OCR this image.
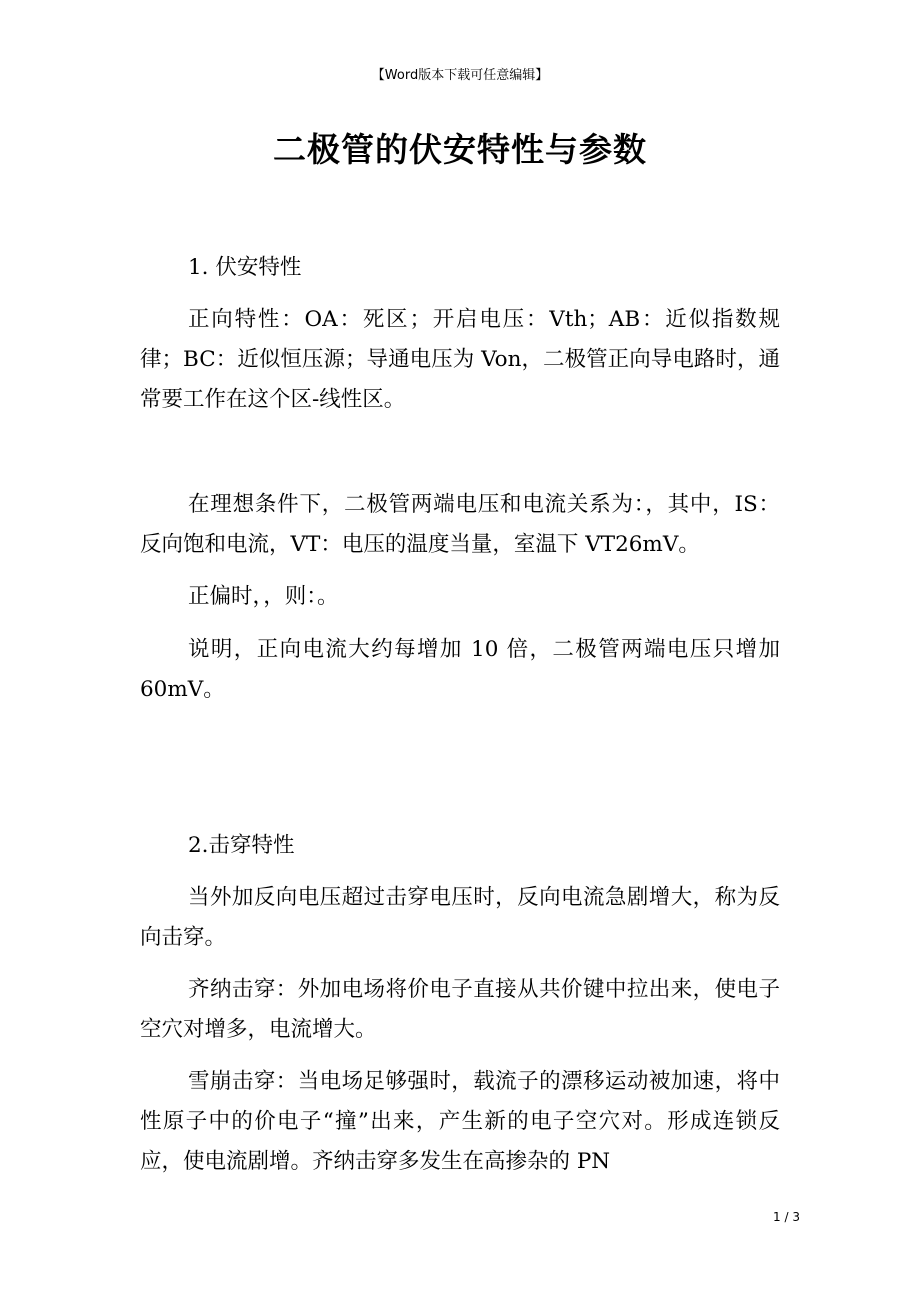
【Word版本下载可任意编辑】
二极管的伏安特性与参数

1. 伏安特性

正向特性：OA：死区；开启电压：Vth；AB：近似指数规律；BC：近似恒压源；导通电压为 Von，二极管正向导电路时，通常要工作在这个区-线性区。

在理想条件下，二极管两端电压和电流关系为：，其中，IS：反向饱和电流，VT：电压的温度当量，室温下 VT26mV。

正偏时，，则：。

说明，正向电流大约每增加 10 倍，二极管两端电压只增加 60mV。

2.击穿特性

当外加反向电压超过击穿电压时，反向电流急剧增大，称为反向击穿。

齐纳击穿：外加电场将价电子直接从共价键中拉出来，使电子空穴对增多，电流增大。

雪崩击穿：当电场足够强时，载流子的漂移运动被加速，将中性原子中的价电子“撞”出来，产生新的电子空穴对。形成连锁反应，使电流剧增。齐纳击穿多发生在高掺杂的 PN

1 / 3
